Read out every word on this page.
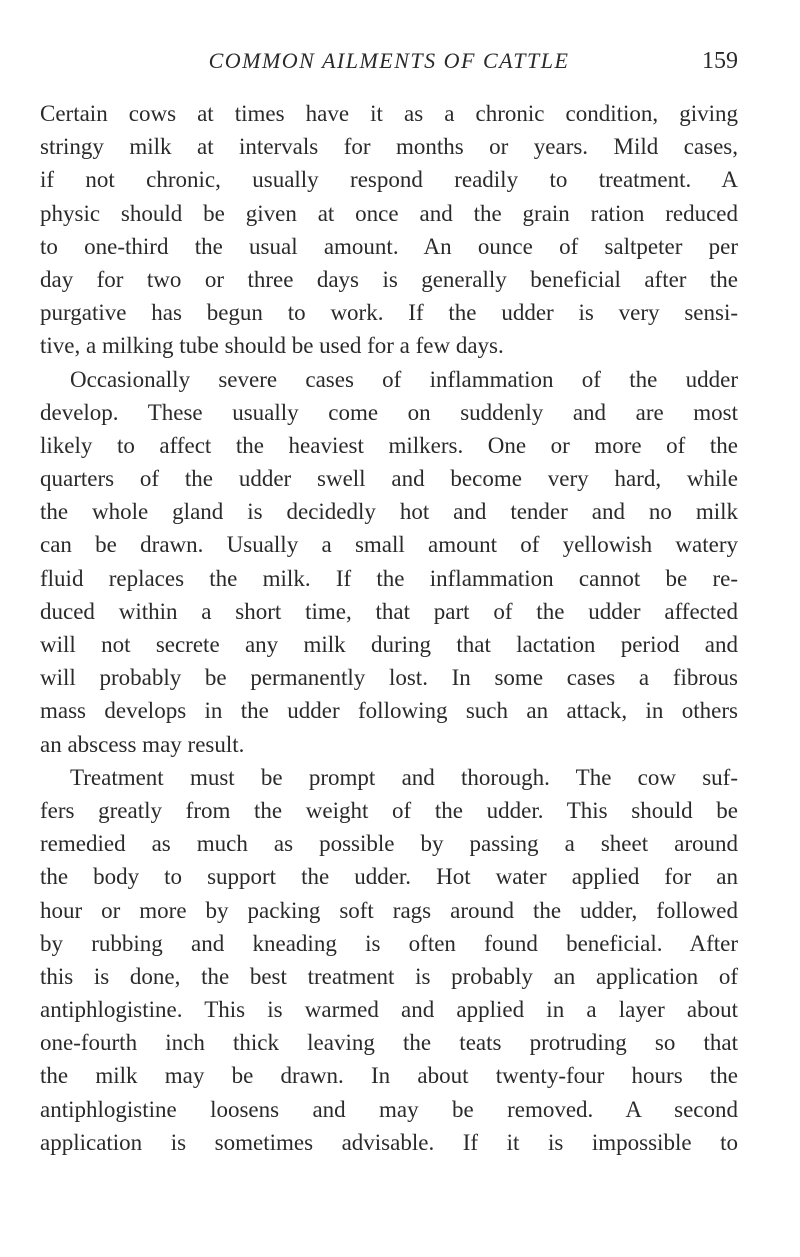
COMMON AILMENTS OF CATTLE	159
Certain cows at times have it as a chronic condition, giving
stringy milk at intervals for months or years. Mild cases,
if not chronic, usually respond readily to treatment. A
physic should be given at once and the grain ration reduced
to one-third the usual amount. An ounce of saltpeter per
day for two or three days is generally beneficial after the
purgative has begun to work. If the udder is very sensi-
tive, a milking tube should be used for a few days.
Occasionally severe cases of inflammation of the udder
develop. These usually come on suddenly and are most
likely to affect the heaviest milkers. One or more of the
quarters of the udder swell and become very hard, while
the whole gland is decidedly hot and tender and no milk
can be drawn. Usually a small amount of yellowish watery
fluid replaces the milk. If the inflammation cannot be re-
duced within a short time, that part of the udder affected
will not secrete any milk during that lactation period and
will probably be permanently lost. In some cases a fibrous
mass develops in the udder following such an attack, in others
an abscess may result.
Treatment must be prompt and thorough. The cow suf-
fers greatly from the weight of the udder. This should be
remedied as much as possible by passing a sheet around
the body to support the udder. Hot water applied for an
hour or more by packing soft rags around the udder, followed
by rubbing and kneading is often found beneficial. After
this is done, the best treatment is probably an application of
antiphlogistine. This is warmed and applied in a layer about
one-fourth inch thick leaving the teats protruding so that
the milk may be drawn. In about twenty-four hours the
antiphlogistine loosens and may be removed. A second
application is sometimes advisable. If it is impossible to
